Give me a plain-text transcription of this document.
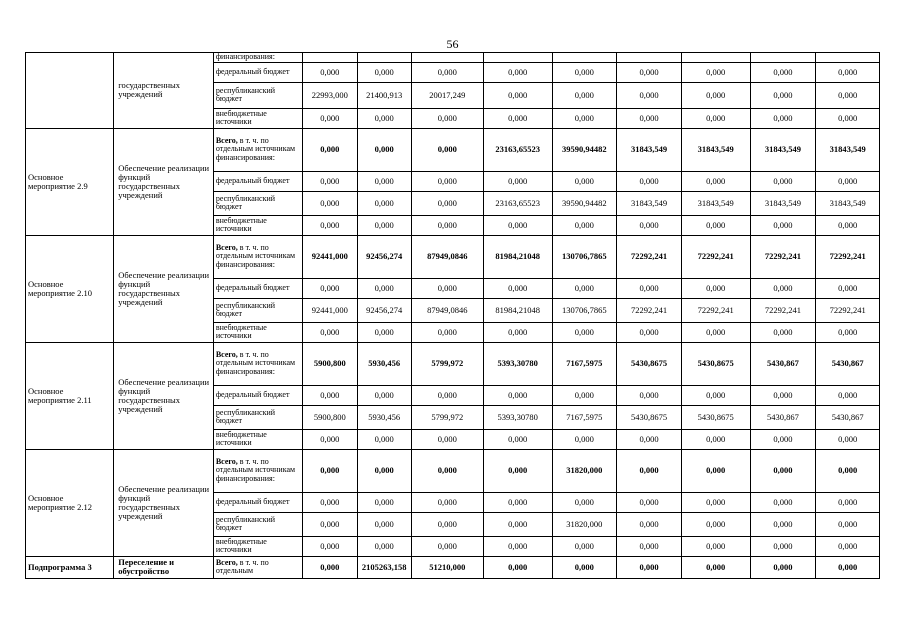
56
	государственных учреждений	финансирования:									
		федеральный бюджет	0,000	0,000	0,000	0,000	0,000	0,000	0,000	0,000	0,000
		республиканский бюджет	22993,000	21400,913	20017,249	0,000	0,000	0,000	0,000	0,000	0,000
		внебюджетные источники	0,000	0,000	0,000	0,000	0,000	0,000	0,000	0,000	0,000
Основное мероприятие 2.9	Обеспечение реализации функций государственных учреждений	Всего, в т. ч. по отдельным источникам финансирования:	0,000	0,000	0,000	23163,65523	39590,94482	31843,549	31843,549	31843,549	31843,549
		федеральный бюджет	0,000	0,000	0,000	0,000	0,000	0,000	0,000	0,000	0,000
		республиканский бюджет	0,000	0,000	0,000	23163,65523	39590,94482	31843,549	31843,549	31843,549	31843,549
		внебюджетные источники	0,000	0,000	0,000	0,000	0,000	0,000	0,000	0,000	0,000
Основное мероприятие 2.10	Обеспечение реализации функций государственных учреждений	Всего, в т. ч. по отдельным источникам финансирования:	92441,000	92456,274	87949,0846	81984,21048	130706,7865	72292,241	72292,241	72292,241	72292,241
		федеральный бюджет	0,000	0,000	0,000	0,000	0,000	0,000	0,000	0,000	0,000
		республиканский бюджет	92441,000	92456,274	87949,0846	81984,21048	130706,7865	72292,241	72292,241	72292,241	72292,241
		внебюджетные источники	0,000	0,000	0,000	0,000	0,000	0,000	0,000	0,000	0,000
Основное мероприятие 2.11	Обеспечение реализации функций государственных учреждений	Всего, в т. ч. по отдельным источникам финансирования:	5900,800	5930,456	5799,972	5393,30780	7167,5975	5430,8675	5430,8675	5430,867	5430,867
		федеральный бюджет	0,000	0,000	0,000	0,000	0,000	0,000	0,000	0,000	0,000
		республиканский бюджет	5900,800	5930,456	5799,972	5393,30780	7167,5975	5430,8675	5430,8675	5430,867	5430,867
		внебюджетные источники	0,000	0,000	0,000	0,000	0,000	0,000	0,000	0,000	0,000
Основное мероприятие 2.12	Обеспечение реализации функций государственных учреждений	Всего, в т. ч. по отдельным источникам финансирования:	0,000	0,000	0,000	0,000	31820,000	0,000	0,000	0,000	0,000
		федеральный бюджет	0,000	0,000	0,000	0,000	0,000	0,000	0,000	0,000	0,000
		республиканский бюджет	0,000	0,000	0,000	0,000	31820,000	0,000	0,000	0,000	0,000
		внебюджетные источники	0,000	0,000	0,000	0,000	0,000	0,000	0,000	0,000	0,000
Подпрограмма 3	Переселение и обустройство	Всего, в т. ч. по отдельным	0,000	2105263,158	51210,000	0,000	0,000	0,000	0,000	0,000	0,000
